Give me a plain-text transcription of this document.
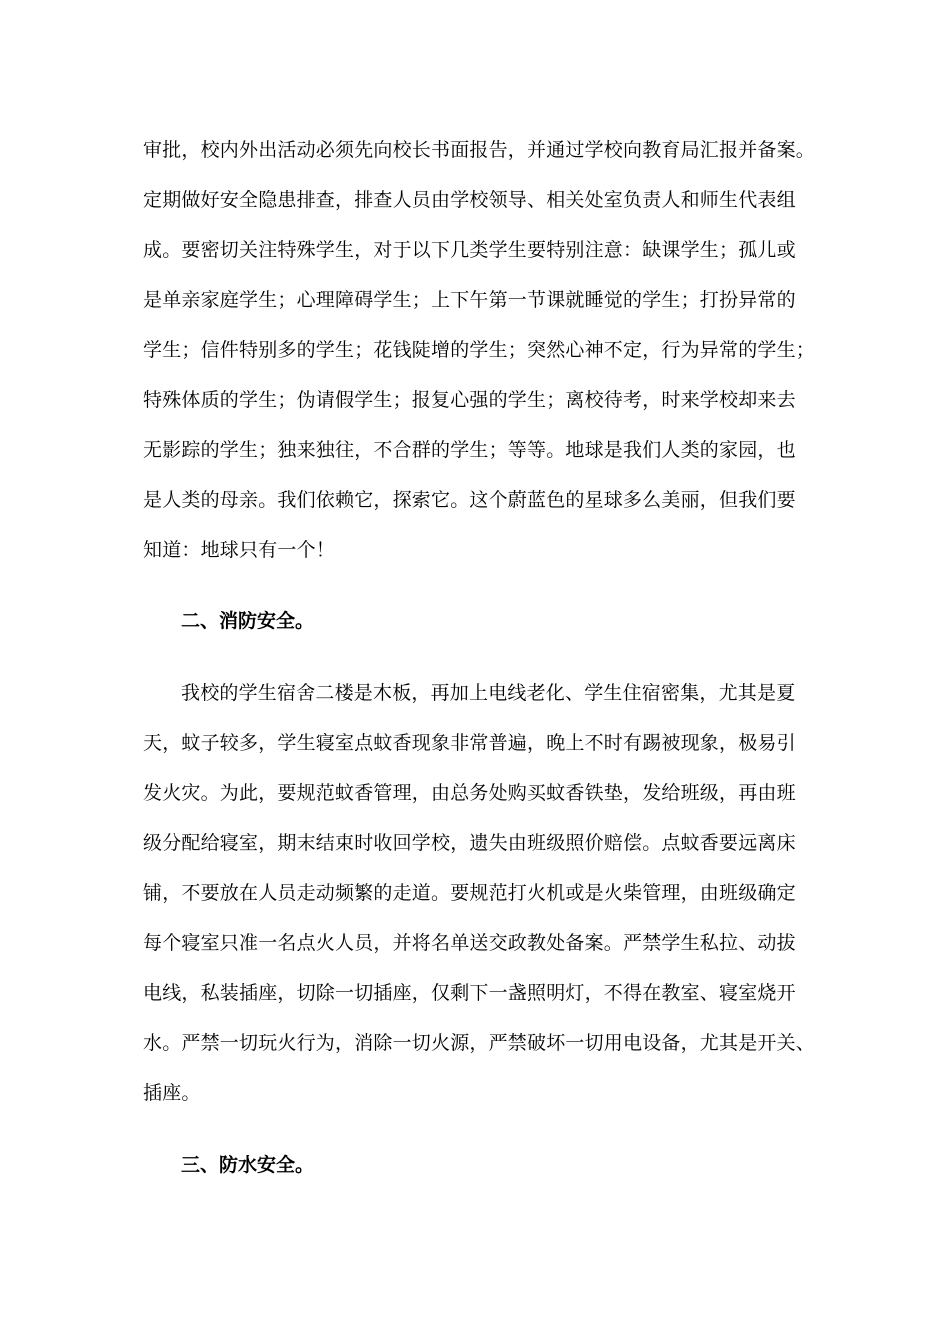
审批，校内外出活动必须先向校长书面报告，并通过学校向教育局汇报并备案。
定期做好安全隐患排查，排查人员由学校领导、相关处室负责人和师生代表组
成。要密切关注特殊学生，对于以下几类学生要特别注意：缺课学生；孤儿或
是单亲家庭学生；心理障碍学生；上下午第一节课就睡觉的学生；打扮异常的
学生；信件特别多的学生；花钱陡增的学生；突然心神不定，行为异常的学生；
特殊体质的学生；伪请假学生；报复心强的学生；离校待考，时来学校却来去
无影踪的学生；独来独往，不合群的学生；等等。地球是我们人类的家园，也
是人类的母亲。我们依赖它，探索它。这个蔚蓝色的星球多么美丽，但我们要
知道：地球只有一个！
二、消防安全。
我校的学生宿舍二楼是木板，再加上电线老化、学生住宿密集，尤其是夏
天，蚊子较多，学生寝室点蚊香现象非常普遍，晚上不时有踢被现象，极易引
发火灾。为此，要规范蚊香管理，由总务处购买蚊香铁垫，发给班级，再由班
级分配给寝室，期末结束时收回学校，遗失由班级照价赔偿。点蚊香要远离床
铺，不要放在人员走动频繁的走道。要规范打火机或是火柴管理，由班级确定
每个寝室只准一名点火人员，并将名单送交政教处备案。严禁学生私拉、动拔
电线，私装插座，切除一切插座，仅剩下一盏照明灯，不得在教室、寝室烧开
水。严禁一切玩火行为，消除一切火源，严禁破坏一切用电设备，尤其是开关、
插座。
三、防水安全。
